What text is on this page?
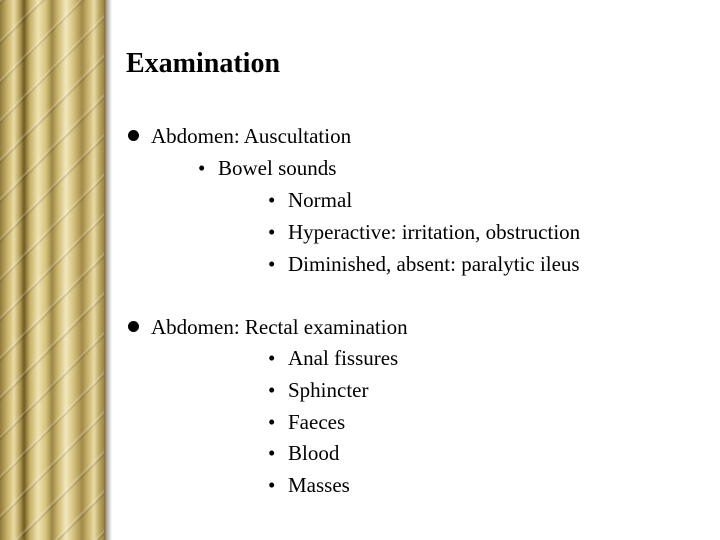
Examination
Abdomen: Auscultation
• Bowel sounds
• Normal
• Hyperactive: irritation, obstruction
• Diminished, absent: paralytic ileus
Abdomen: Rectal examination
• Anal fissures
• Sphincter
• Faeces
• Blood
• Masses
